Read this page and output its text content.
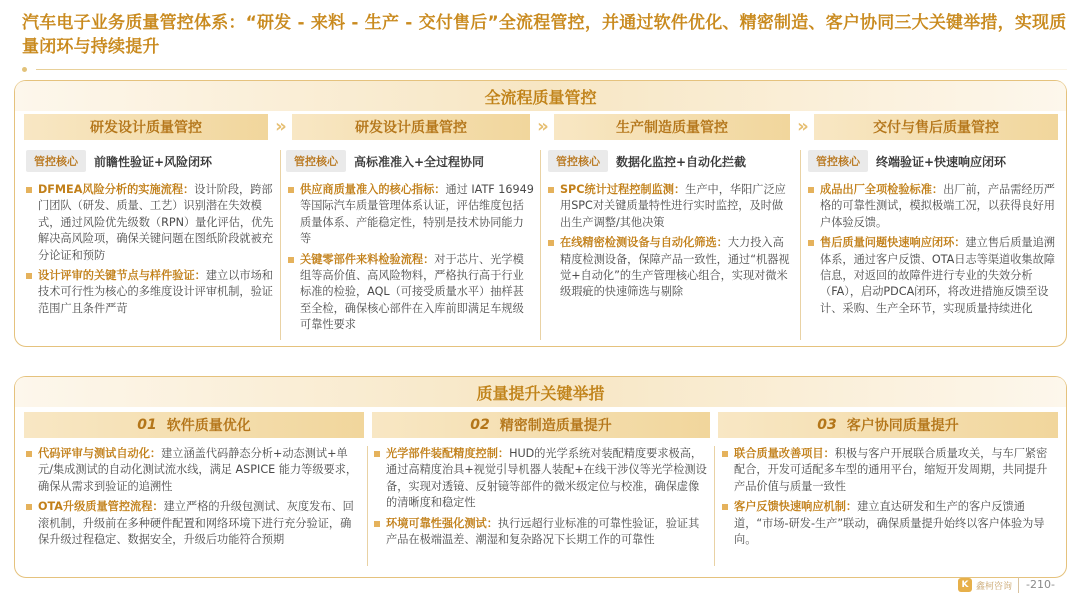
汽车电子业务质量管控体系：“研发 - 来料 - 生产 - 交付售后”全流程管控，并通过软件优化、精密制造、客户协同三大关键举措，实现质量闭环与持续提升
全流程质量管控
研发设计质量管控	»	研发设计质量管控	»	生产制造质量管控	»	交付与售后质量管控
管控核心	前瞻性验证+风险闭环	管控核心	高标准准入+全过程协同	管控核心	数据化监控+自动化拦截	管控核心	终端验证+快速响应闭环

DFMEA风险分析的实施流程：设计阶段，跨部门团队（研发、质量、工艺）识别潜在失效模式，通过风险优先级数（RPN）量化评估，优先解决高风险项，确保关键问题在图纸阶段就被充分论证和预防

设计评审的关键节点与样件验证：建立以市场和技术可行性为核心的多维度设计评审机制，验证范围广且条件严苛

供应商质量准入的核心指标：通过 IATF 16949 等国际汽车质量管理体系认证，评估维度包括质量体系、产能稳定性，特别是技术协同能力等

关键零部件来料检验流程：对于芯片、光学模组等高价值、高风险物料，严格执行高于行业标准的检验，AQL（可接受质量水平）抽样甚至全检，确保核心部件在入库前即满足车规级可靠性要求

SPC统计过程控制监测：生产中，华阳广泛应用SPC对关键质量特性进行实时监控，及时做出生产调整/其他决策

在线精密检测设备与自动化筛选：大力投入高精度检测设备，保障产品一致性，通过“机器视觉+自动化”的生产管理核心组合，实现对微米级瑕疵的快速筛选与剔除

成品出厂全项检验标准：出厂前，产品需经历严格的可靠性测试，模拟极端工况，以获得良好用户体验反馈。

售后质量问题快速响应闭环：建立售后质量追溯体系，通过客户反馈、OTA日志等渠道收集故障信息，对返回的故障件进行专业的失效分析（FA），启动PDCA闭环，将改进措施反馈至设计、采购、生产全环节，实现质量持续进化

质量提升关键举措
01 软件质量优化	02 精密制造质量提升	03 客户协同质量提升

代码评审与测试自动化：建立涵盖代码静态分析+动态测试+单元/集成测试的自动化测试流水线，满足 ASPICE 能力等级要求，确保从需求到验证的追溯性

OTA升级质量管控流程：建立严格的升级包测试、灰度发布、回滚机制，升级前在多种硬件配置和网络环境下进行充分验证，确保升级过程稳定、数据安全，升级后功能符合预期

光学部件装配精度控制：HUD的光学系统对装配精度要求极高，通过高精度治具+视觉引导机器人装配+在线干涉仪等光学检测设备，实现对透镜、反射镜等部件的微米级定位与校准，确保虚像的清晰度和稳定性

环境可靠性强化测试：执行远超行业标准的可靠性验证，验证其产品在极端温差、潮湿和复杂路况下长期工作的可靠性

联合质量改善项目：积极与客户开展联合质量攻关，与车厂紧密配合，开发可适配多车型的通用平台，缩短开发周期，共同提升产品价值与质量一致性

客户反馈快速响应机制：建立直达研发和生产的客户反馈通道，“市场-研发-生产”联动，确保质量提升始终以客户体验为导向。

K 鑫柯咨询 -210-
